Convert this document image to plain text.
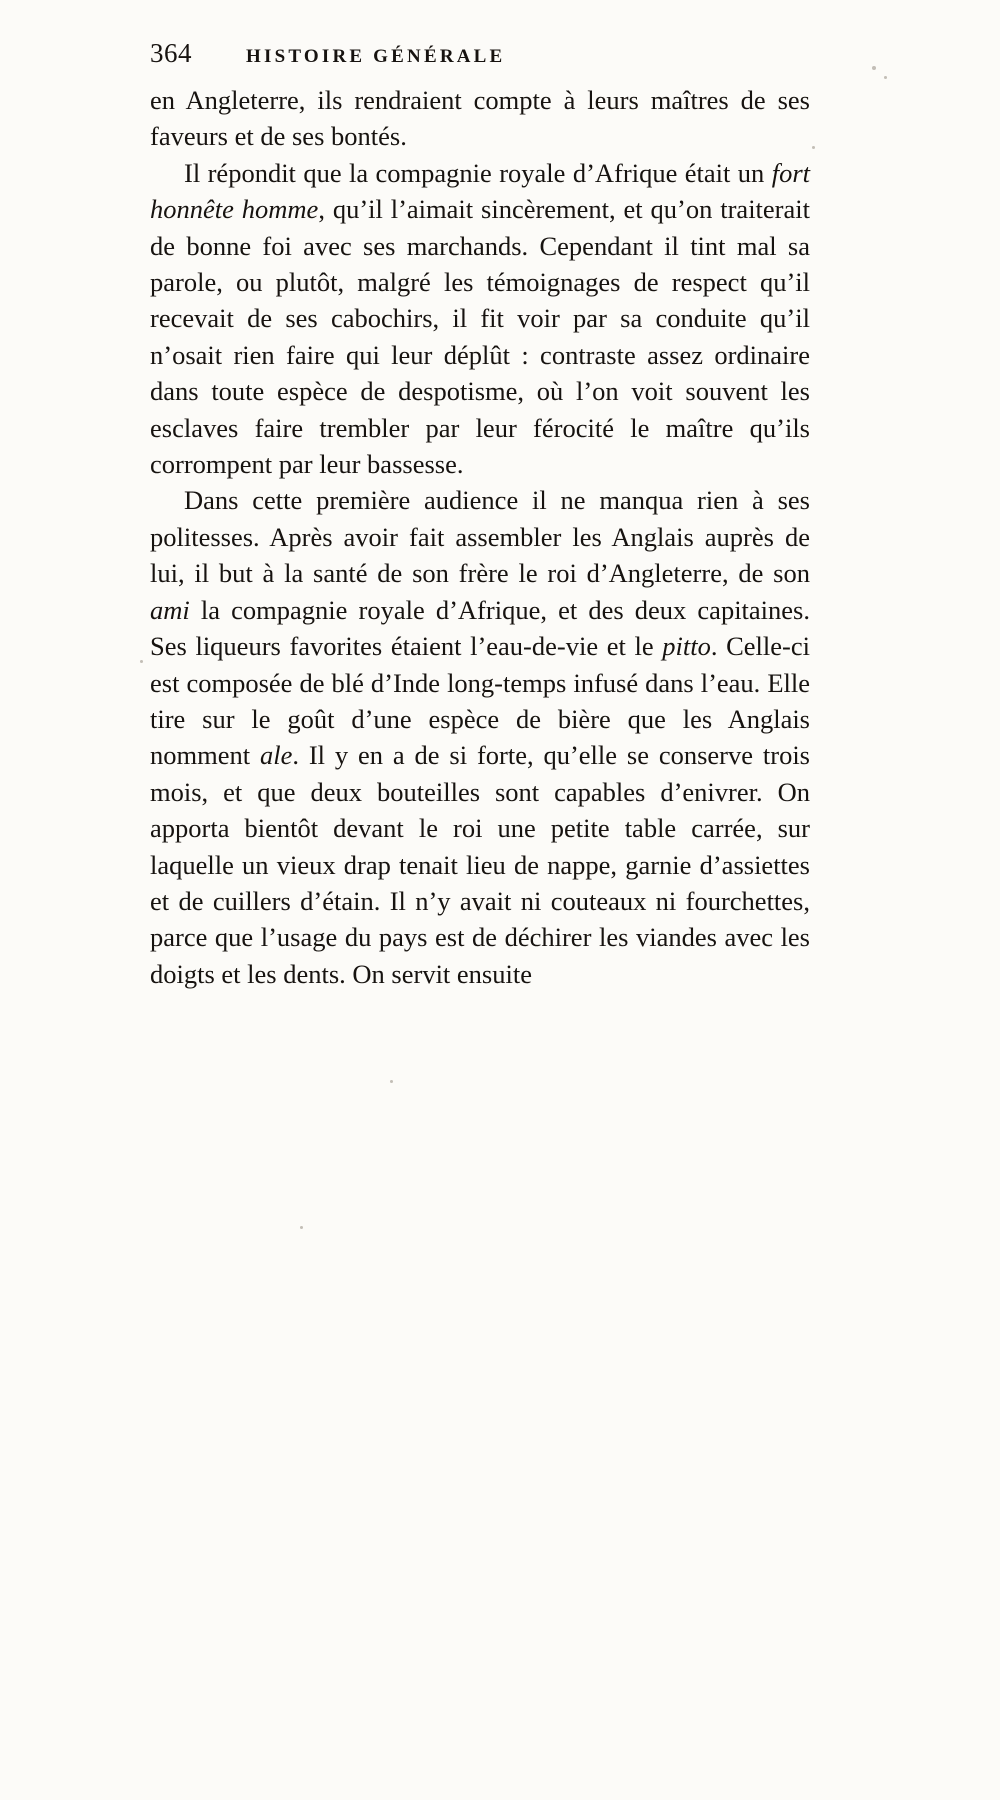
364	HISTOIRE GÉNÉRALE

en Angleterre, ils rendraient compte à leurs maîtres de ses faveurs et de ses bontés.

Il répondit que la compagnie royale d’Afrique était un fort honnête homme, qu’il l’aimait sincèrement, et qu’on traiterait de bonne foi avec ses marchands. Cependant il tint mal sa parole, ou plutôt, malgré les témoignages de respect qu’il recevait de ses cabochirs, il fit voir par sa conduite qu’il n’osait rien faire qui leur déplût : contraste assez ordinaire dans toute espèce de despotisme, où l’on voit souvent les esclaves faire trembler par leur férocité le maître qu’ils corrompent par leur bassesse.

Dans cette première audience il ne manqua rien à ses politesses. Après avoir fait assembler les Anglais auprès de lui, il but à la santé de son frère le roi d’Angleterre, de son ami la compagnie royale d’Afrique, et des deux capitaines. Ses liqueurs favorites étaient l’eau-de-vie et le pitto. Celle-ci est composée de blé d’Inde long-temps infusé dans l’eau. Elle tire sur le goût d’une espèce de bière que les Anglais nomment ale. Il y en a de si forte, qu’elle se conserve trois mois, et que deux bouteilles sont capables d’enivrer. On apporta bientôt devant le roi une petite table carrée, sur laquelle un vieux drap tenait lieu de nappe, garnie d’assiettes et de cuillers d’étain. Il n’y avait ni couteaux ni fourchettes, parce que l’usage du pays est de déchirer les viandes avec les doigts et les dents. On servit ensuite
